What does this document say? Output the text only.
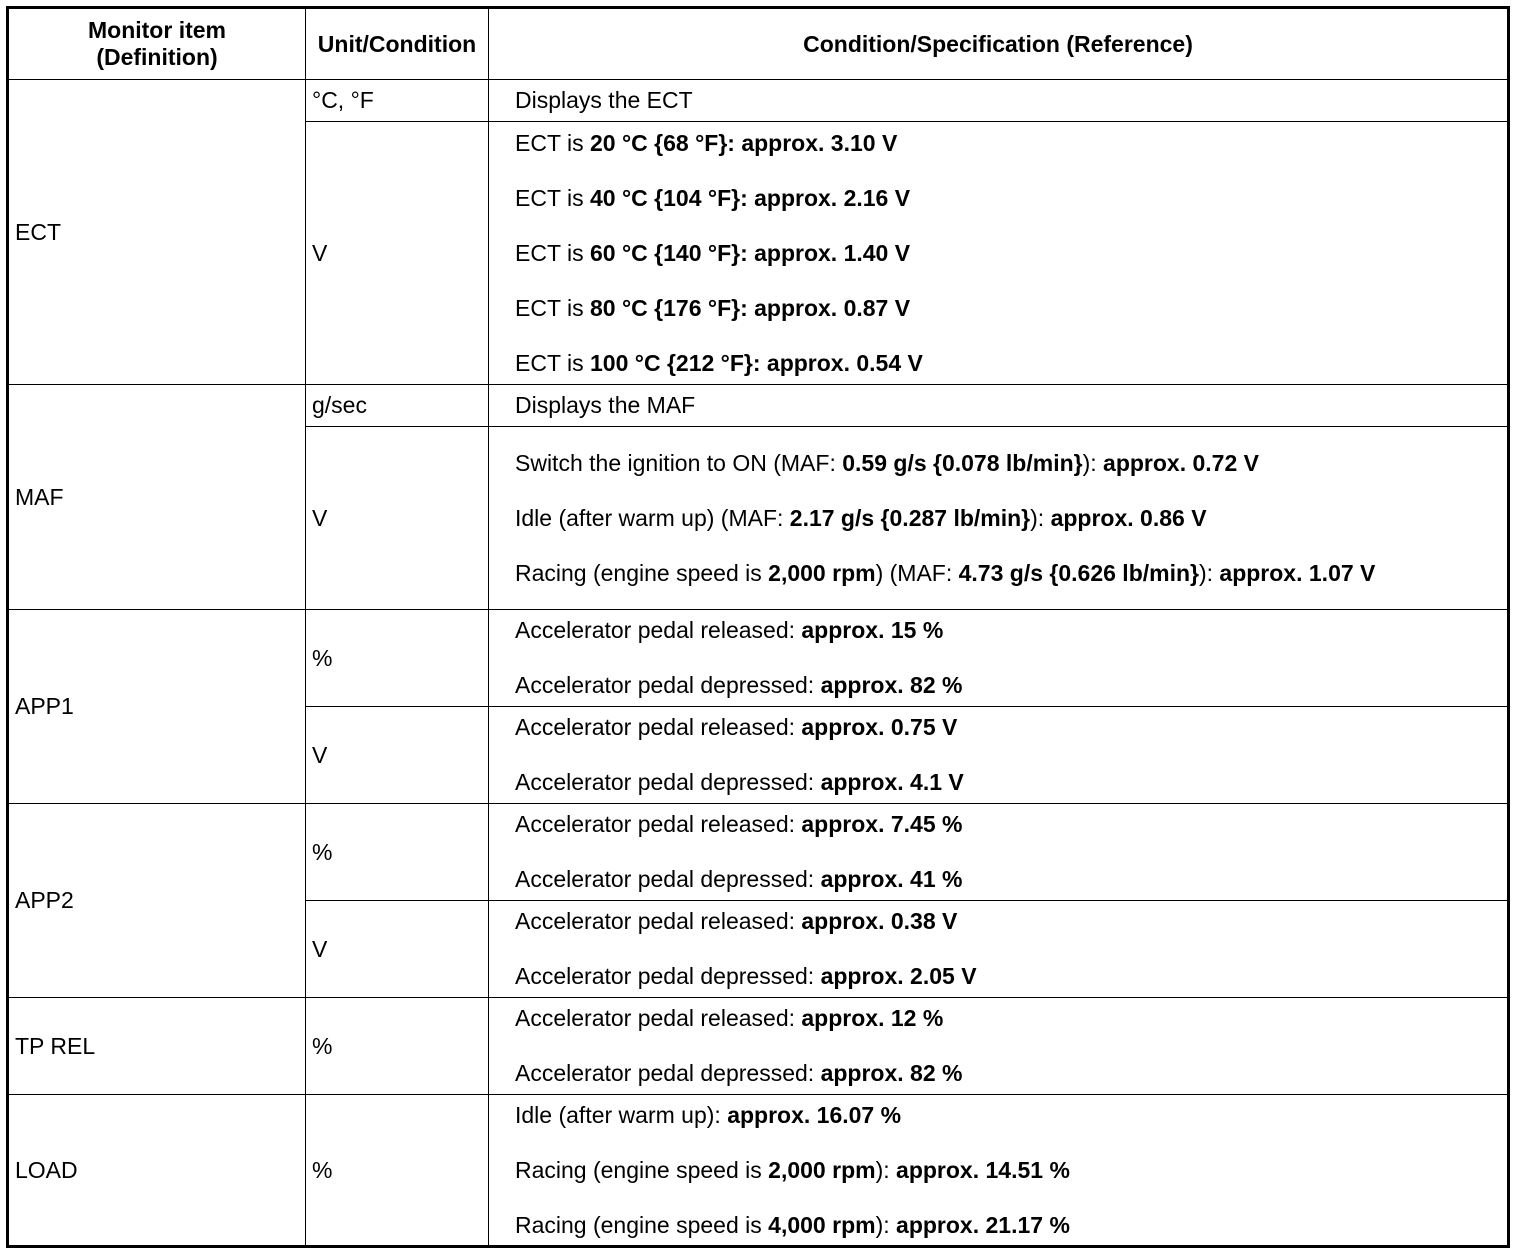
Monitor item
(Definition)	Unit/Condition	Condition/Specification (Reference)
ECT	°C, °F	Displays the ECT

	V	ECT is 20 °C {68 °F}: approx. 3.10 V
ECT is 40 °C {104 °F}: approx. 2.16 V
ECT is 60 °C {140 °F}: approx. 1.40 V
ECT is 80 °C {176 °F}: approx. 0.87 V
ECT is 100 °C {212 °F}: approx. 0.54 V

MAF	g/sec	Displays the MAF

	V	Switch the ignition to ON (MAF: 0.59 g/s {0.078 lb/min}): approx. 0.72 V
Idle (after warm up) (MAF: 2.17 g/s {0.287 lb/min}): approx. 0.86 V
Racing (engine speed is 2,000 rpm) (MAF: 4.73 g/s {0.626 lb/min}): approx. 1.07 V

APP1	%	Accelerator pedal released: approx. 15 %
Accelerator pedal depressed: approx. 82 %

	V	Accelerator pedal released: approx. 0.75 V
Accelerator pedal depressed: approx. 4.1 V

APP2	%	Accelerator pedal released: approx. 7.45 %
Accelerator pedal depressed: approx. 41 %

	V	Accelerator pedal released: approx. 0.38 V
Accelerator pedal depressed: approx. 2.05 V

TP REL	%	Accelerator pedal released: approx. 12 %
Accelerator pedal depressed: approx. 82 %

LOAD	%	Idle (after warm up): approx. 16.07 %
Racing (engine speed is 2,000 rpm): approx. 14.51 %
Racing (engine speed is 4,000 rpm): approx. 21.17 %
